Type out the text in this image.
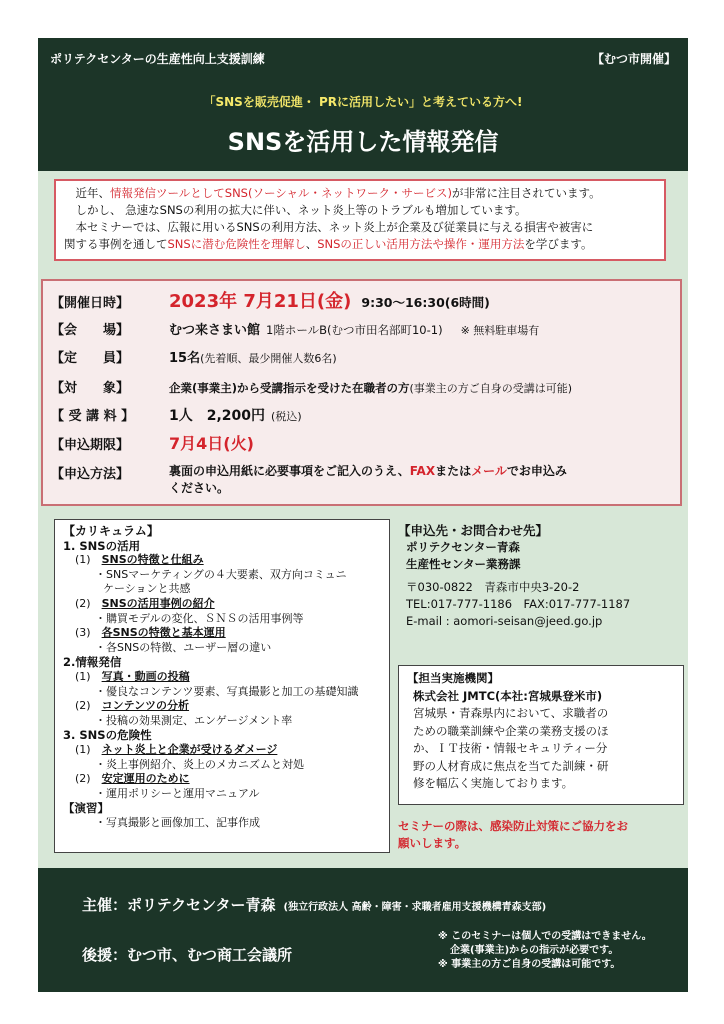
ポリテクセンターの生産性向上支援訓練	【むつ市開催】
「SNSを販売促進・ PRに活用したい」と考えている方へ!
SNSを活用した情報発信

　近年、情報発信ツールとしてSNS(ソーシャル・ネットワーク・サービス)が非常に注目されています。

　しかし、 急速なSNSの利用の拡大に伴い、ネット炎上等のトラブルも増加しています。

　本セミナーでは、広報に用いるSNSの利用方法、ネット炎上が企業及び従業員に与える損害や被害に

関する事例を通してSNSに潜む危険性を理解し、SNSの正しい活用方法や操作・運用方法を学びます。

【開催日時】	2023年 7月21日(金) 9:30〜16:30(6時間)
【会　　場】	むつ来さまい館 1階ホールB(むつ市田名部町10-1) ※ 無料駐車場有
【定　　員】	15名 (先着順、最少開催人数6名)
【対　　象】	企業(事業主)から受講指示を受けた在職者の方 (事業主の方ご自身の受講は可能)
【 受 講 料 】	1人　2,200円 (税込)
【申込期限】	7月4日(火)
【申込方法】	裏面の申込用紙に必要事項をご記入のうえ、FAXまたはメールでお申込み
ください。
【カリキュラム】
1. SNSの活用
(1)　 SNSの特徴と仕組み
・SNSマーケティングの４大要素、双方向コミュニ
ケーションと共感
(2)　 SNSの活用事例の紹介
・購買モデルの変化、ＳＮＳの活用事例等
(3)　 各SNSの特徴と基本運用
・各SNSの特徴、ユーザー層の違い
2.情報発信
(1)　 写真・動画の投稿
・優良なコンテンツ要素、写真撮影と加工の基礎知識
(2)　 コンテンツの分析
・投稿の効果測定、エンゲージメント率
3. SNSの危険性
(1)　 ネット炎上と企業が受けるダメージ
・炎上事例紹介、炎上のメカニズムと対処
(2)　 安定運用のために
・運用ポリシーと運用マニュアル
【演習】
・写真撮影と画像加工、記事作成
【申込先・お問合わせ先】
ポリテクセンター青森
生産性センター業務課
〒030-0822　青森市中央3-20-2
TEL:017-777-1186　FAX:017-777-1187
E-mail : aomori-seisan@jeed.go.jp
【担当実施機関】
株式会社 JMTC(本社:宮城県登米市)
宮城県・青森県内において、求職者の
ための職業訓練や企業の業務支援のほ
か、ＩＴ技術・情報セキュリティー分
野の人材育成に焦点を当てた訓練・研
修を幅広く実施しております。
セミナーの際は、感染防止対策にご協力をお
願いします。
主催：ポリテクセンター青森 (独立行政法人 高齢・障害・求職者雇用支援機構青森支部)
後援：むつ市、むつ商工会議所
※ このセミナーは個人での受講はできません。
企業(事業主)からの指示が必要です。
※ 事業主の方ご自身の受講は可能です。
